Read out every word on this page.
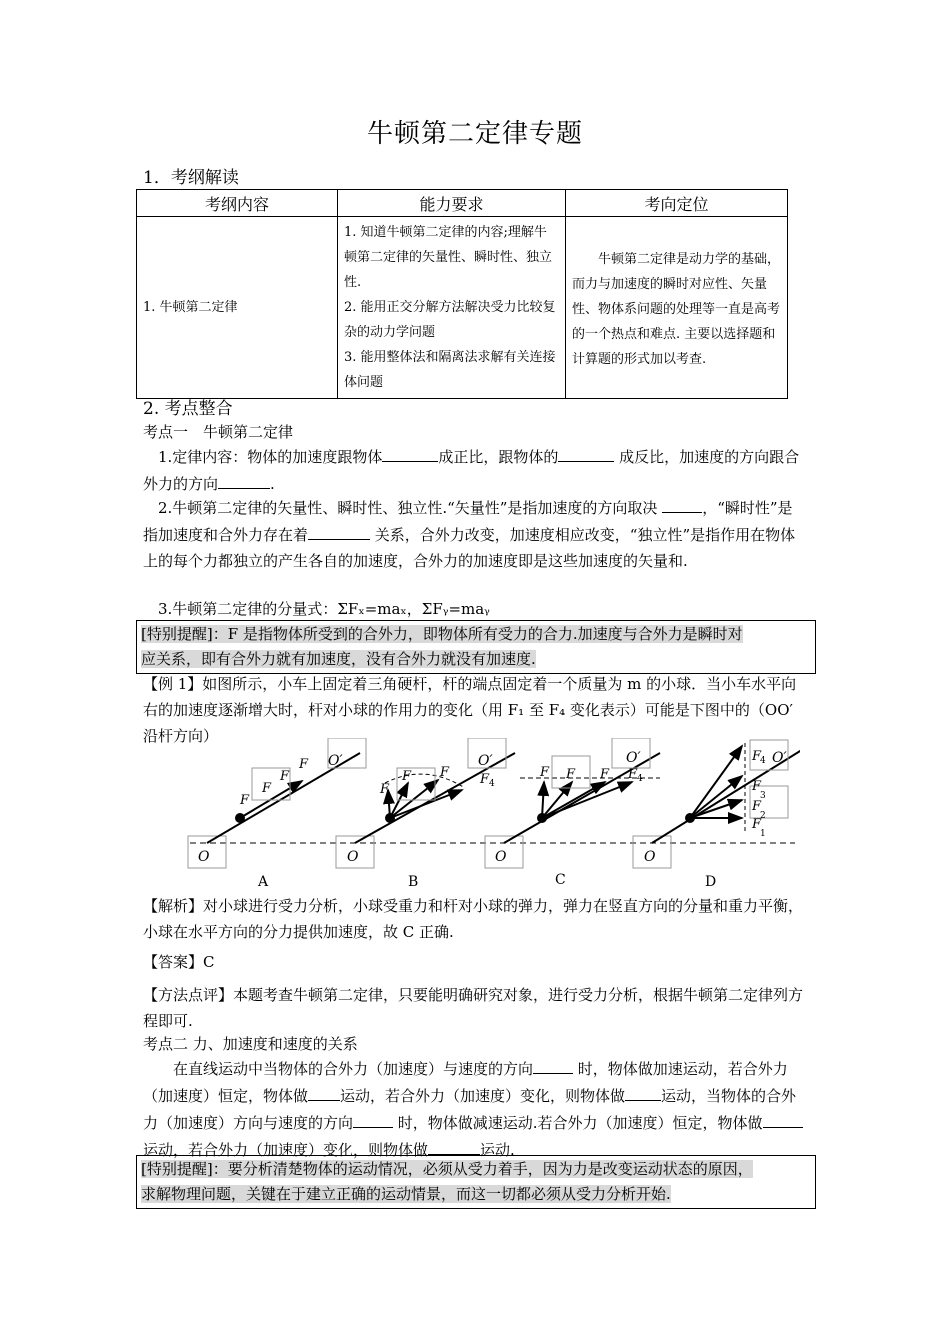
牛顿第二定律专题
1．考纲解读
考纲内容	能力要求	考向定位
1. 牛顿第二定律	1. 知道牛顿第二定律的内容;理解牛顿第二定律的矢量性、瞬时性、独立性.
2. 能用正交分解方法解决受力比较复杂的动力学问题
3. 能用整体法和隔离法求解有关连接体问题	牛顿第二定律是动力学的基础，而力与加速度的瞬时对应性、矢量性、物体系问题的处理等一直是高考的一个热点和难点. 主要以选择题和计算题的形式加以考查.
2. 考点整合
考点一　牛顿第二定律
1.定律内容：物体的加速度跟物体	成正比，跟物体的	成反比，加速度的方向跟合外力的方向	.
2.牛顿第二定律的矢量性、瞬时性、独立性.“矢量性”是指加速度的方向取决	，“瞬时性”是指加速度和合外力存在着	关系，合外力改变，加速度相应改变，“独立性”是指作用在物体上的每个力都独立的产生各自的加速度，合外力的加速度即是这些加速度的矢量和.
3.牛顿第二定律的分量式：ΣFₓ=maₓ，ΣFᵧ=maᵧ
[特别提醒]：F 是指物体所受到的合外力，即物体所有受力的合力.加速度与合外力是瞬时对
应关系，即有合外力就有加速度，没有合外力就没有加速度.
【例 1】如图所示，小车上固定着三角硬杆，杆的端点固定着一个质量为 m 的小球．当小车水平向右的加速度逐渐增大时，杆对小球的作用力的变化（用 F₁ 至 F₄ 变化表示）可能是下图中的（OO′ 沿杆方向）
O
F
F
F
F O′
A
O
F
F F F 4
O′
B
O
F F F F 4
O′
C
O
F
4 O′
F
3
F
2
F
1
D
【解析】对小球进行受力分析，小球受重力和杆对小球的弹力，弹力在竖直方向的分量和重力平衡，小球在水平方向的分力提供加速度，故 C 正确.
【答案】C
【方法点评】本题考查牛顿第二定律，只要能明确研究对象，进行受力分析，根据牛顿第二定律列方程即可.
考点二 力、加速度和速度的关系
在直线运动中当物体的合外力（加速度）与速度的方向	时，物体做加速运动，若合外力（加速度）恒定，物体做 运动，若合外力（加速度）变化，则物体做 运动，当物体的合外力（加速度）方向与速度的方向	时，物体做减速运动.若合外力（加速度）恒定，物体做运动，若合外力（加速度）变化，则物体做	运动.
[特别提醒]：要分析清楚物体的运动情况，必须从受力着手，因为力是改变运动状态的原因，
求解物理问题，关键在于建立正确的运动情景，而这一切都必须从受力分析开始.
